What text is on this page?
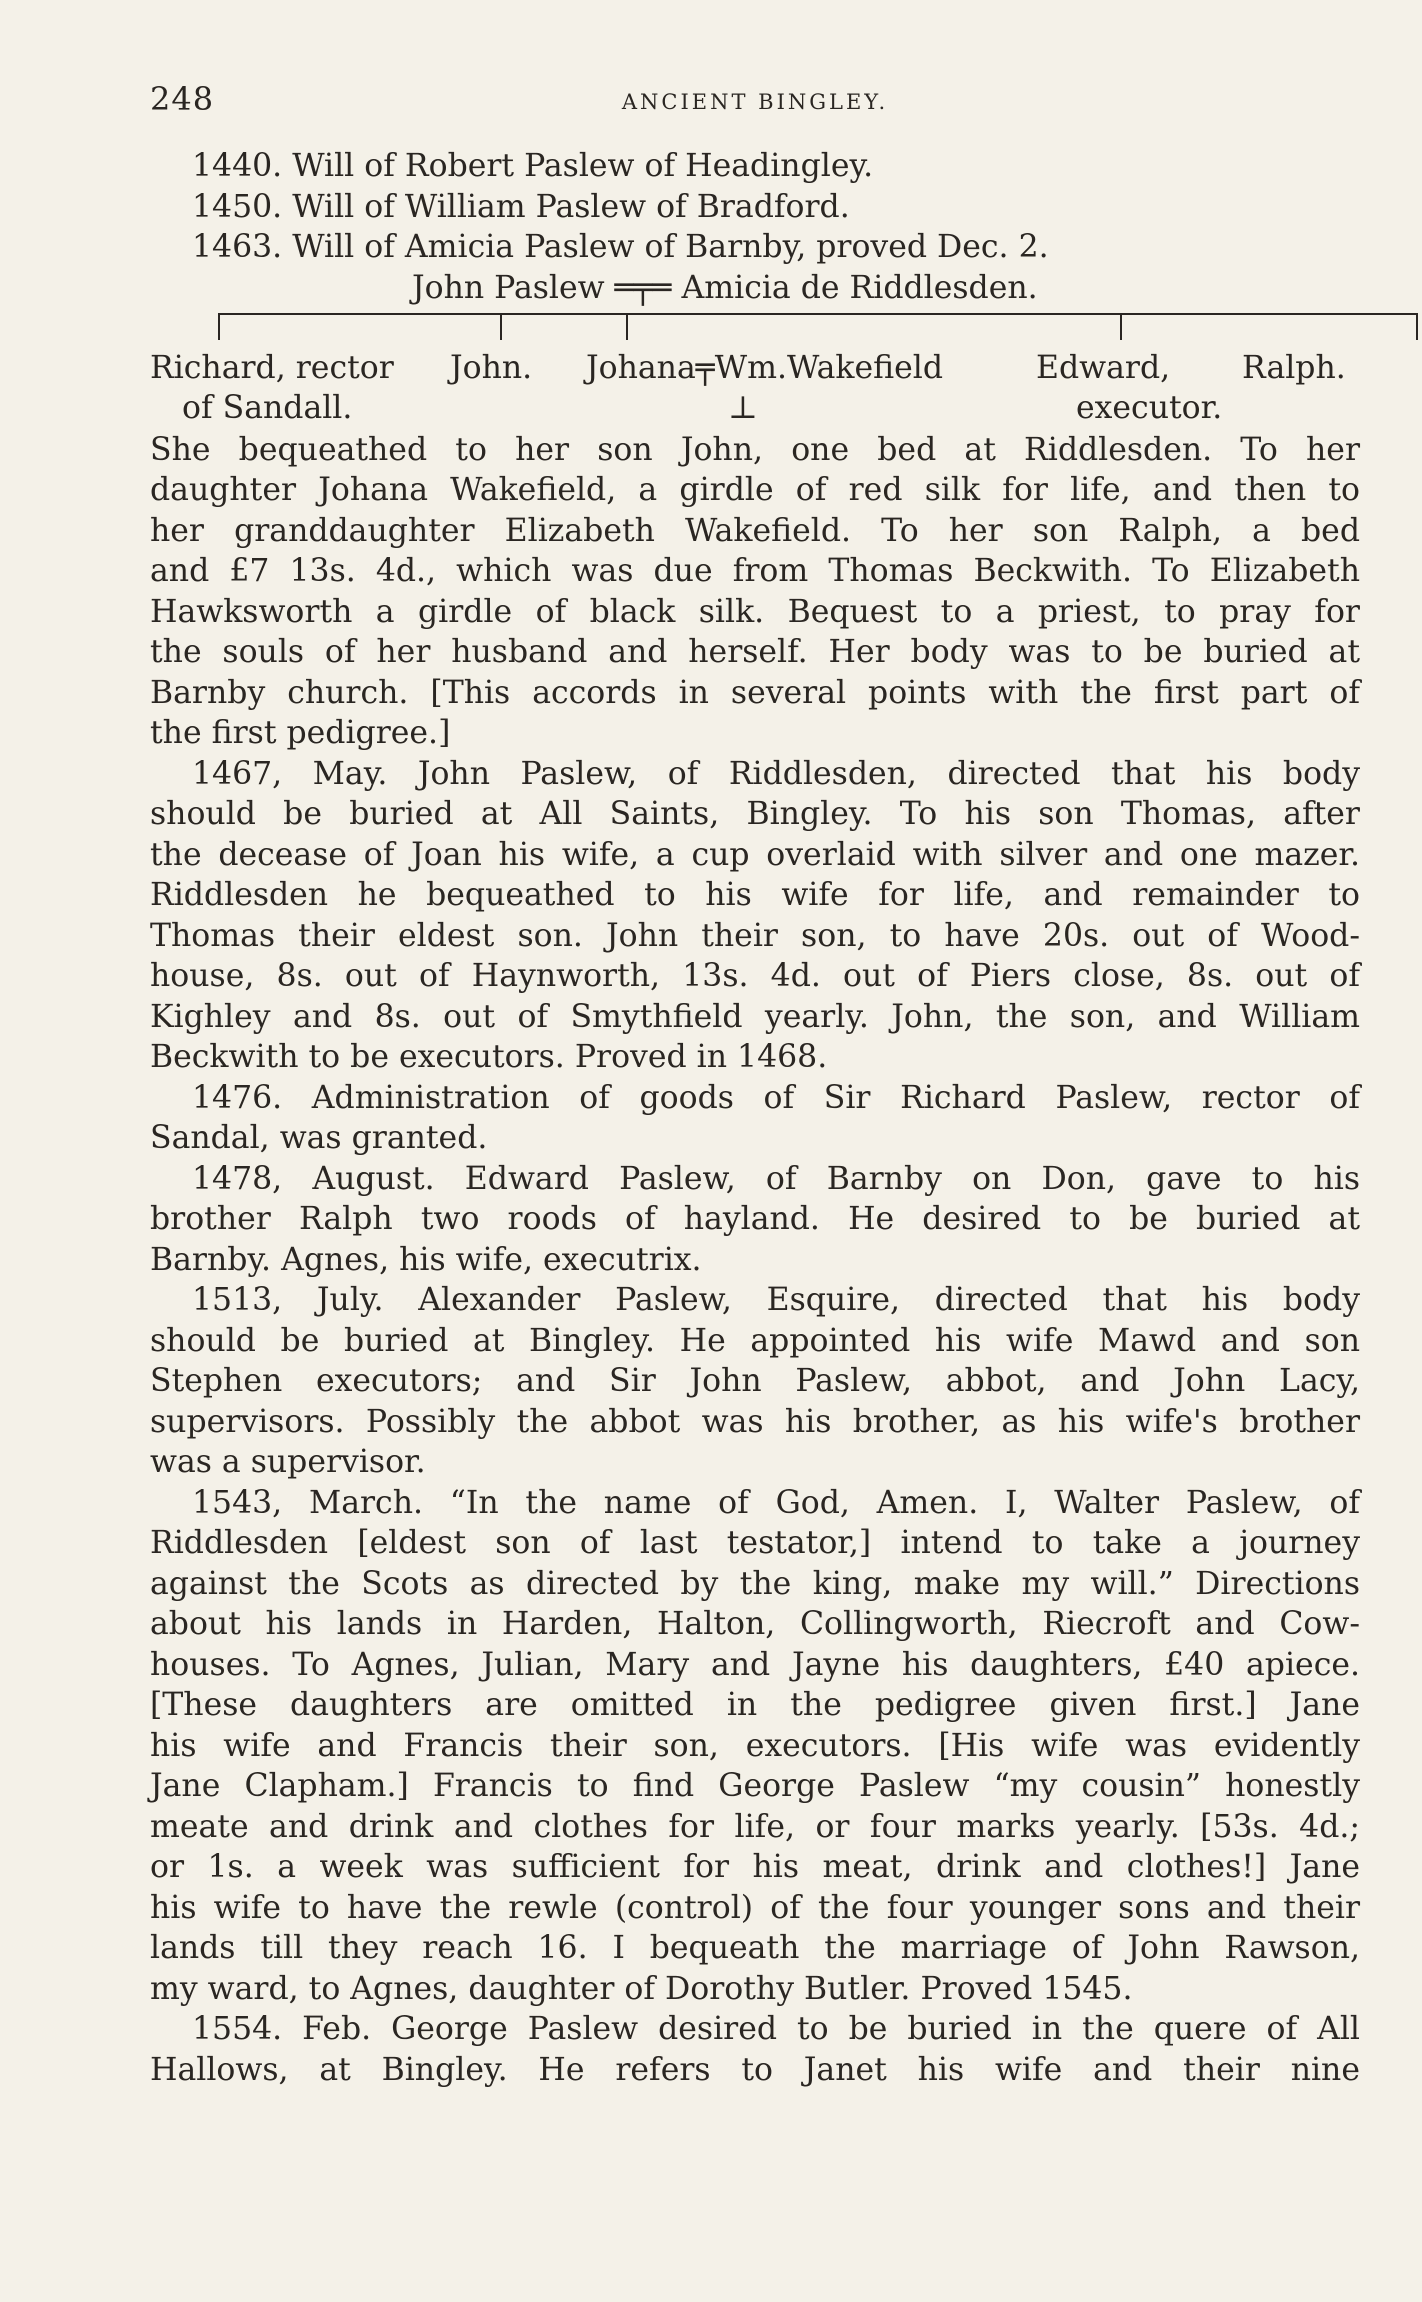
248	ANCIENT BINGLEY.
1440. Will of Robert Paslew of Headingley.
1450. Will of William Paslew of Bradford.
1463. Will of Amicia Paslew of Barnby, proved Dec. 2.
John Paslew ═╤═ Amicia de Riddlesden.
Richard, rector John. Johana╤Wm.Wakefield	Edward, Ralph.
of Sandall.	⊥	executor.
She bequeathed to her son John, one bed at Riddlesden. To her
daughter Johana Wakefield, a girdle of red silk for life, and then to
her granddaughter Elizabeth Wakefield. To her son Ralph, a bed
and £7 13s. 4d., which was due from Thomas Beckwith. To Elizabeth
Hawksworth a girdle of black silk. Bequest to a priest, to pray for
the souls of her husband and herself. Her body was to be buried at
Barnby church. [This accords in several points with the first part of
the first pedigree.]
1467, May. John Paslew, of Riddlesden, directed that his body
should be buried at All Saints, Bingley. To his son Thomas, after
the decease of Joan his wife, a cup overlaid with silver and one mazer.
Riddlesden he bequeathed to his wife for life, and remainder to
Thomas their eldest son. John their son, to have 20s. out of Wood-
house, 8s. out of Haynworth, 13s. 4d. out of Piers close, 8s. out of
Kighley and 8s. out of Smythfield yearly. John, the son, and William
Beckwith to be executors. Proved in 1468.
1476. Administration of goods of Sir Richard Paslew, rector of
Sandal, was granted.
1478, August. Edward Paslew, of Barnby on Don, gave to his
brother Ralph two roods of hayland. He desired to be buried at
Barnby. Agnes, his wife, executrix.
1513, July. Alexander Paslew, Esquire, directed that his body
should be buried at Bingley. He appointed his wife Mawd and son
Stephen executors; and Sir John Paslew, abbot, and John Lacy,
supervisors. Possibly the abbot was his brother, as his wife's brother
was a supervisor.
1543, March. “In the name of God, Amen. I, Walter Paslew, of
Riddlesden [eldest son of last testator,] intend to take a journey
against the Scots as directed by the king, make my will.” Directions
about his lands in Harden, Halton, Collingworth, Riecroft and Cow-
houses. To Agnes, Julian, Mary and Jayne his daughters, £40 apiece.
[These daughters are omitted in the pedigree given first.] Jane
his wife and Francis their son, executors. [His wife was evidently
Jane Clapham.] Francis to find George Paslew “my cousin” honestly
meate and drink and clothes for life, or four marks yearly. [53s. 4d.;
or 1s. a week was sufficient for his meat, drink and clothes!] Jane
his wife to have the rewle (control) of the four younger sons and their
lands till they reach 16. I bequeath the marriage of John Rawson,
my ward, to Agnes, daughter of Dorothy Butler. Proved 1545.
1554. Feb. George Paslew desired to be buried in the quere of All
Hallows, at Bingley. He refers to Janet his wife and their nine
